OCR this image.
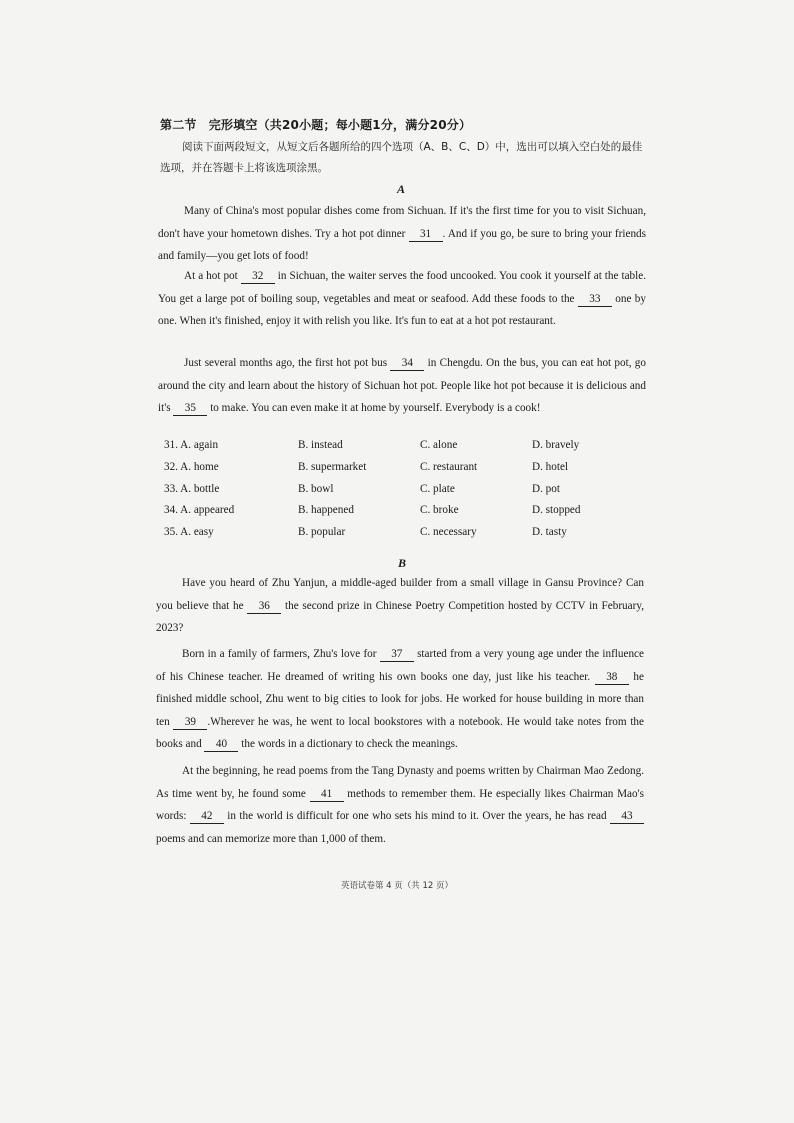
第二节　完形填空（共20小题；每小题1分，满分20分）
阅读下面两段短文，从短文后各题所给的四个选项（A、B、C、D）中，选出可以填入空白处的最佳选项，并在答题卡上将该选项涂黑。
A
Many of China's most popular dishes come from Sichuan. If it's the first time for you to visit Sichuan, don't have your hometown dishes. Try a hot pot dinner 31 . And if you go, be sure to bring your friends and family—you get lots of food!
At a hot pot 32 in Sichuan, the waiter serves the food uncooked. You cook it yourself at the table. You get a large pot of boiling soup, vegetables and meat or seafood. Add these foods to the 33 one by one. When it's finished, enjoy it with relish you like. It's fun to eat at a hot pot restaurant.
Just several months ago, the first hot pot bus 34 in Chengdu. On the bus, you can eat hot pot, go around the city and learn about the history of Sichuan hot pot. People like hot pot because it is delicious and it's 35 to make. You can even make it at home by yourself. Everybody is a cook!
31. A. again	B. instead	C. alone	D. bravely
32. A. home	B. supermarket	C. restaurant	D. hotel
33. A. bottle	B. bowl	C. plate	D. pot
34. A. appeared	B. happened	C. broke	D. stopped
35. A. easy	B. popular	C. necessary	D. tasty
B
Have you heard of Zhu Yanjun, a middle-aged builder from a small village in Gansu Province? Can you believe that he 36 the second prize in Chinese Poetry Competition hosted by CCTV in February, 2023?
Born in a family of farmers, Zhu's love for 37 started from a very young age under the influence of his Chinese teacher. He dreamed of writing his own books one day, just like his teacher. 38 he finished middle school, Zhu went to big cities to look for jobs. He worked for house building in more than ten 39 .Wherever he was, he went to local bookstores with a notebook. He would take notes from the books and 40 the words in a dictionary to check the meanings.
At the beginning, he read poems from the Tang Dynasty and poems written by Chairman Mao Zedong. As time went by, he found some 41 methods to remember them. He especially likes Chairman Mao's words: 42 in the world is difficult for one who sets his mind to it. Over the years, he has read 43 poems and can memorize more than 1,000 of them.
英语试卷第 4 页（共 12 页）
